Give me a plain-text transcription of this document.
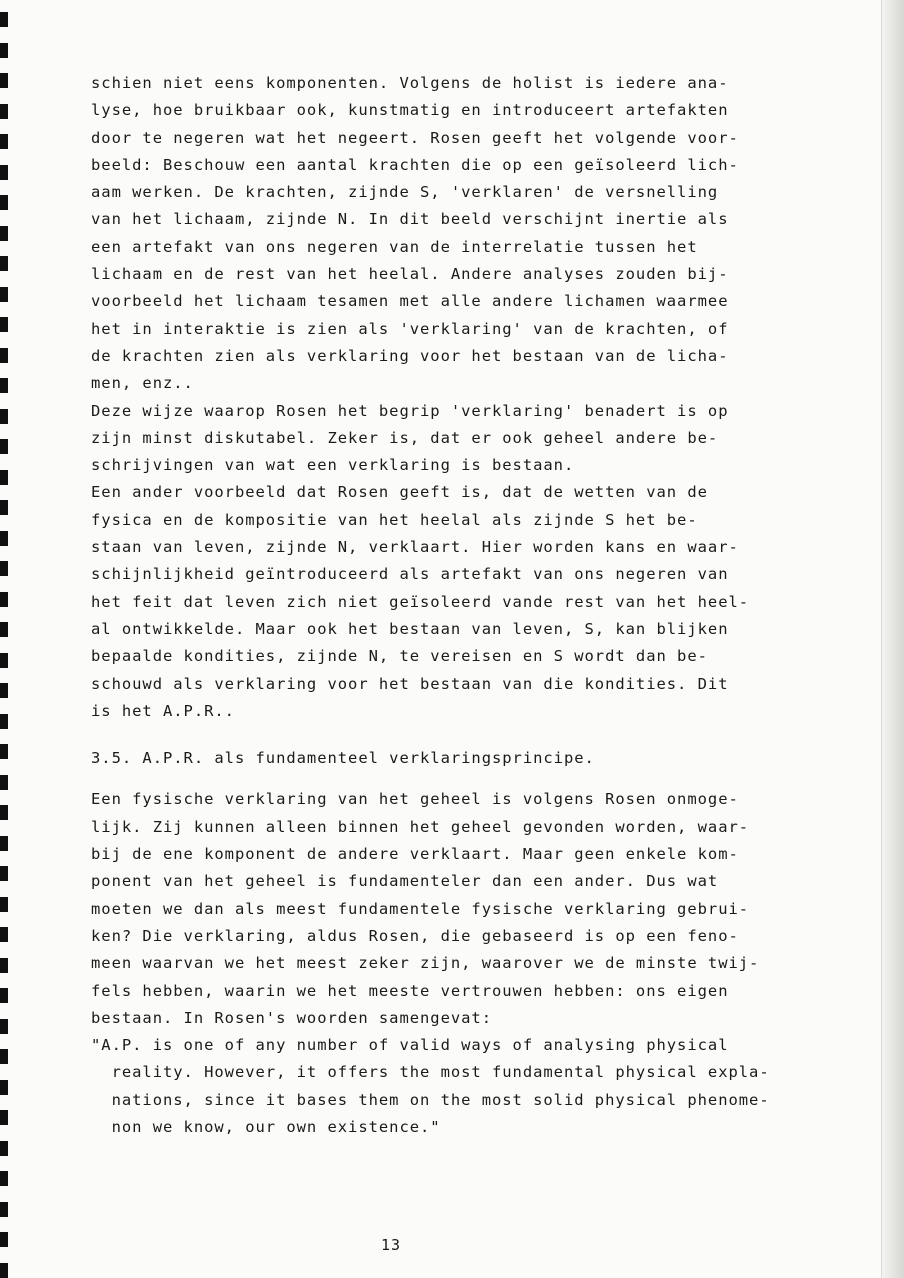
schien niet eens komponenten. Volgens de holist is iedere ana-
lyse, hoe bruikbaar ook, kunstmatig en introduceert artefakten
door te negeren wat het negeert. Rosen geeft het volgende voor-
beeld: Beschouw een aantal krachten die op een geïsoleerd lich-
aam werken. De krachten, zijnde S, 'verklaren' de versnelling
van het lichaam, zijnde N. In dit beeld verschijnt inertie als
een artefakt van ons negeren van de interrelatie tussen het
lichaam en de rest van het heelal. Andere analyses zouden bij-
voorbeeld het lichaam tesamen met alle andere lichamen waarmee
het in interaktie is zien als 'verklaring' van de krachten, of
de krachten zien als verklaring voor het bestaan van de licha-
men, enz..
Deze wijze waarop Rosen het begrip 'verklaring' benadert is op
zijn minst diskutabel. Zeker is, dat er ook geheel andere be-
schrijvingen van wat een verklaring is bestaan.
Een ander voorbeeld dat Rosen geeft is, dat de wetten van de
fysica en de kompositie van het heelal als zijnde S het be-
staan van leven, zijnde N, verklaart. Hier worden kans en waar-
schijnlijkheid geïntroduceerd als artefakt van ons negeren van
het feit dat leven zich niet geïsoleerd vande rest van het heel-
al ontwikkelde. Maar ook het bestaan van leven, S, kan blijken
bepaalde kondities, zijnde N, te vereisen en S wordt dan be-
schouwd als verklaring voor het bestaan van die kondities. Dit
is het A.P.R..
3.5. A.P.R. als fundamenteel verklaringsprincipe.
Een fysische verklaring van het geheel is volgens Rosen onmoge-
lijk. Zij kunnen alleen binnen het geheel gevonden worden, waar-
bij de ene komponent de andere verklaart. Maar geen enkele kom-
ponent van het geheel is fundamenteler dan een ander. Dus wat
moeten we dan als meest fundamentele fysische verklaring gebrui-
ken? Die verklaring, aldus Rosen, die gebaseerd is op een feno-
meen waarvan we het meest zeker zijn, waarover we de minste twij-
fels hebben, waarin we het meeste vertrouwen hebben: ons eigen
bestaan. In Rosen's woorden samengevat:
"A.P. is one of any number of valid ways of analysing physical
reality. However, it offers the most fundamental physical expla-
nations, since it bases them on the most solid physical phenome-
non we know, our own existence."
13
